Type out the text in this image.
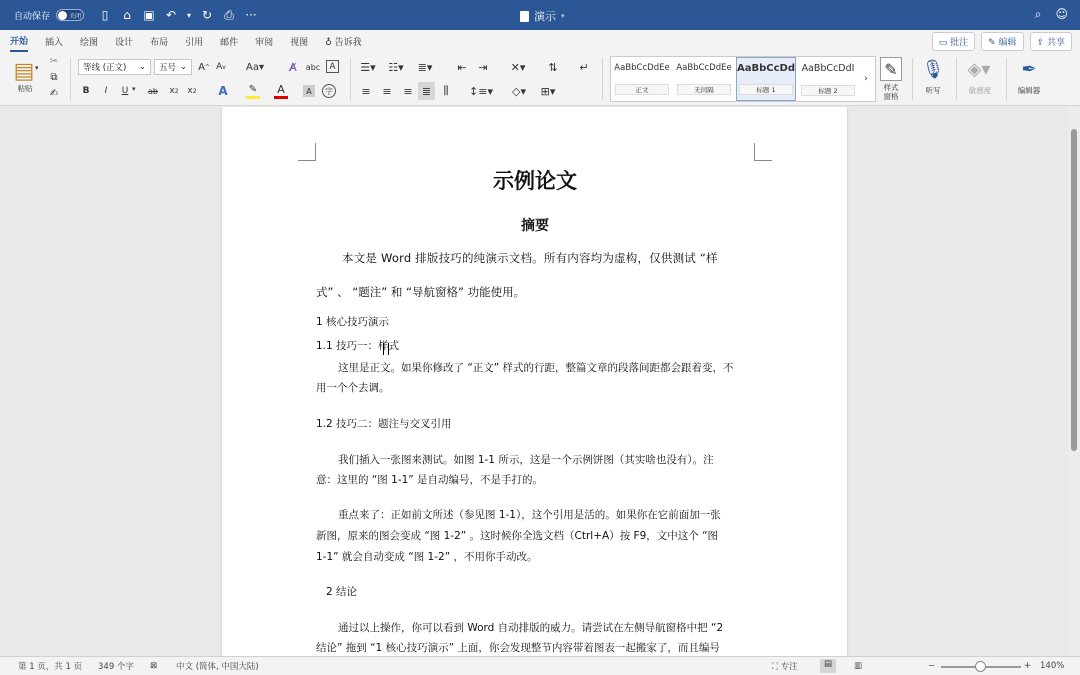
自动保存	关闭	▯	⌂ ▣ ↶ ▾ ↻ ⎙ ···	演示 ▾	⌕ ☺
开始 插入 绘图 设计 布局 引用 邮件 审阅 视图 ♁ 告诉我	▭ 批注	✎ 编辑	⇪ 共享
▤ ▾
粘贴
✂
⧉
✍
等线 (正文) ⌄ 五号 ⌄ A ^ A v Aa▾ A̸	abc	A
B	I	U ▾ ab x 2 x 2 A ✎ A	A	字
☰▾ ☷▾	≣▾	⇤	⇥	✕▾	⇅	↵
≡	≡	≡ ≣	⫼	↕≡▾	◇▾	⊞▾
AaBbCcDdEe
正文
AaBbCcDdEe
无间隔
AaBbCcDd
标题 1
AaBbCcDdI
标题 2
›
✎
样式
窗格
🎙
听写
◈▾
敏感度
✒
编辑器
示例论文
摘要
本文是 Word 排版技巧的纯演示文档。所有内容均为虚构，仅供测试 “样
式” 、 “题注” 和 “导航窗格” 功能使用。
1 核心技巧演示
1.1 技巧一：样式
这里是正文。如果你修改了 “正文” 样式的行距，整篇文章的段落间距都会跟着变，不
用一个个去调。
1.2 技巧二：题注与交叉引用
我们插入一张图来测试。如图 1-1 所示，这是一个示例饼图（其实啥也没有）。注
意：这里的 “图 1-1” 是自动编号，不是手打的。
重点来了：正如前文所述（参见图 1-1），这个引用是活的。如果你在它前面加一张
新图，原来的图会变成 “图 1-2” 。这时候你全选文档（Ctrl+A）按 F9，文中这个 “图
1-1” 就会自动变成 “图 1-2” ，不用你手动改。
2 结论
通过以上操作，你可以看到 Word 自动排版的威力。请尝试在左侧导航窗格中把 “2
结论” 拖到 “1 核心技巧演示” 上面，你会发现整节内容带着图表一起搬家了，而且编号
第 1 页，共 1 页 349 个字 ⊠ 中文 (简体, 中国大陆)	⛶ 专注	▤	▥	−	+ 140%
